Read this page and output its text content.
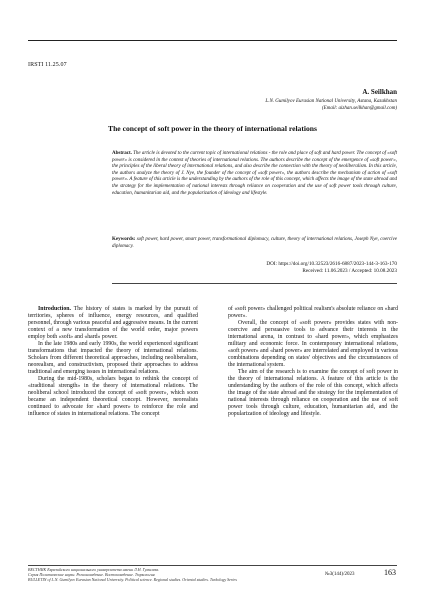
IRSTI 11.25.07
A. Seilkhan
L.N. Gumilyov Eurasian National University, Astana, Kazakhstan
(Email: aizhan.seilkhan@gmail.com)
The concept of soft power in the theory of international relations
Abstract. The article is devoted to the current topic of international relations - the role and place of soft and hard power. The concept of «soft power» is considered in the context of theories of international relations. The authors describe the concept of the emergence of «soft power», the principles of the liberal theory of international relations, and also describe the connection with the theory of neoliberalism. In this article, the authors analyze the theory of J. Nye, the founder of the concept of «soft power», the authors describe the mechanism of action of «soft power». A feature of this article is the understanding by the authors of the role of this concept, which affects the image of the state abroad and the strategy for the implementation of national interests through reliance on cooperation and the use of soft power tools through culture, education, humanitarian aid, and the popularization of ideology and lifestyle.
Keywords: soft power, hard power, smart power, transformational diplomacy, culture, theory of international relations, Joseph Nye, coercive diplomacy.
DOI: https://doi.org/10.32523/2616-6887/2023-144-3-163-170
Received: 11.06.2023 / Accepted: 10.08.2023

Introduction. The history of states is marked by the pursuit of territories, spheres of influence, energy resources, and qualified personnel, through various peaceful and aggressive means. In the current context of a new transformation of the world order, major powers employ both «soft» and «hard» power.

In the late 1980s and early 1990s, the world experienced significant transformations that impacted the theory of international relations. Scholars from different theoretical approaches, including neoliberalism, neorealism, and constructivism, proposed their approaches to address traditional and emerging issues in international relations.

During the mid-1980s, scholars began to rethink the concept of «traditional strength» in the theory of international relations. The neoliberal school introduced the concept of «soft power», which soon became an independent theoretical concept. However, neorealists continued to advocate for «hard power» to reinforce the role and influence of states in international relations. The concept

of «soft power» challenged political realism's absolute reliance on «hard power».

Overall, the concept of «soft power» provides states with non-coercive and persuasive tools to advance their interests in the international arena, in contrast to «hard power», which emphasizes military and economic force. In contemporary international relations, «soft power» and «hard power» are interrelated and employed in various combinations depending on states' objectives and the circumstances of the international system.

The aim of the research is to examine the concept of soft power in the theory of international relations. A feature of this article is the understanding by the authors of the role of this concept, which affects the image of the state abroad and the strategy for the implementation of national interests through reliance on cooperation and the use of soft power tools through culture, education, humanitarian aid, and the popularization of ideology and lifestyle.

ВЕСТНИК Евразийского национального университета имени Л.Н. Гумилева.
Серия Политические науки. Регионоведение. Востоковедение. Тюркология
BULLETIN of L.N. Gumilyov Eurasian National University. Political science. Regional studies. Oriental studies. Turkology Series
№3(144)/2023	163
